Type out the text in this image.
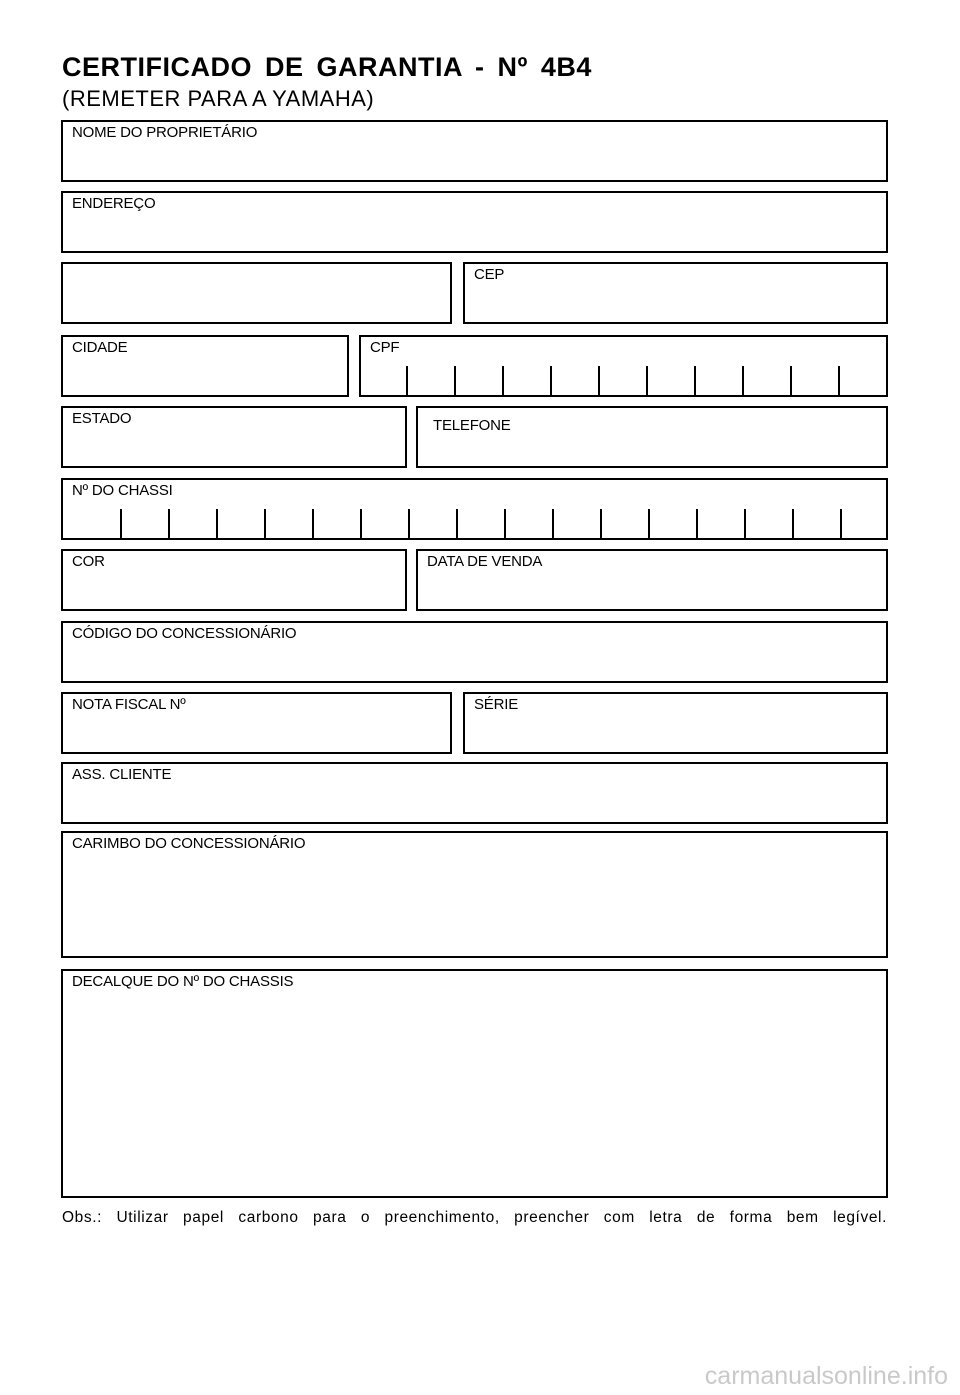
CERTIFICADO DE GARANTIA - Nº 4B4
(REMETER PARA A YAMAHA)
NOME DO PROPRIETÁRIO
ENDEREÇO
CEP
CIDADE	CPF
ESTADO	TELEFONE
Nº DO CHASSI
COR	DATA DE VENDA
CÓDIGO DO CONCESSIONÁRIO
NOTA FISCAL Nº	SÉRIE
ASS. CLIENTE
CARIMBO DO CONCESSIONÁRIO
DECALQUE DO Nº DO CHASSIS
Obs.: Utilizar papel carbono para o preenchimento, preencher com letra de forma bem legível.
carmanualsonline.info
